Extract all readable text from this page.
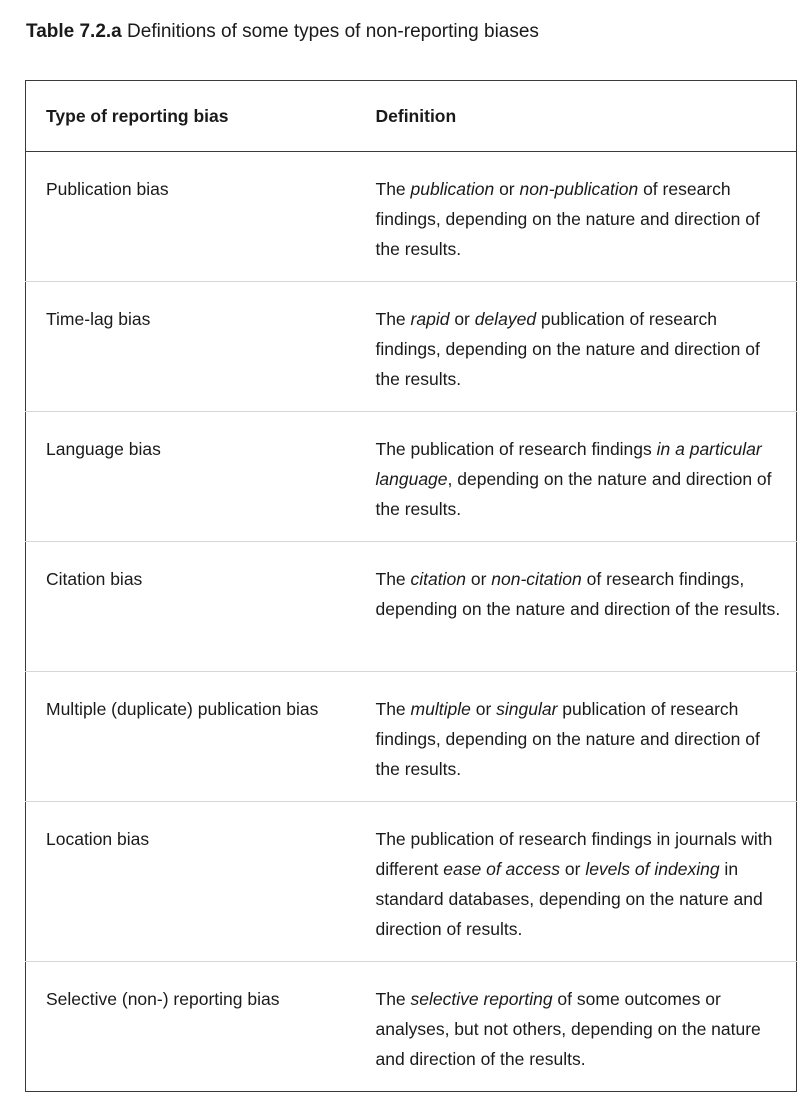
Table 7.2.a Definitions of some types of non-reporting biases

Type of reporting bias	Definition
Publication bias	The publication or non-publication of research findings, depending on the nature and direction of the results.
Time-lag bias	The rapid or delayed publication of research findings, depending on the nature and direction of the results.
Language bias	The publication of research findings in a particular language, depending on the nature and direction of the results.
Citation bias	The citation or non-citation of research findings, depending on the nature and direction of the results.
Multiple (duplicate) publication bias	The multiple or singular publication of research findings, depending on the nature and direction of the results.
Location bias	The publication of research findings in journals with different ease of access or levels of indexing in standard databases, depending on the nature and direction of results.
Selective (non-) reporting bias	The selective reporting of some outcomes or analyses, but not others, depending on the nature and direction of the results.
